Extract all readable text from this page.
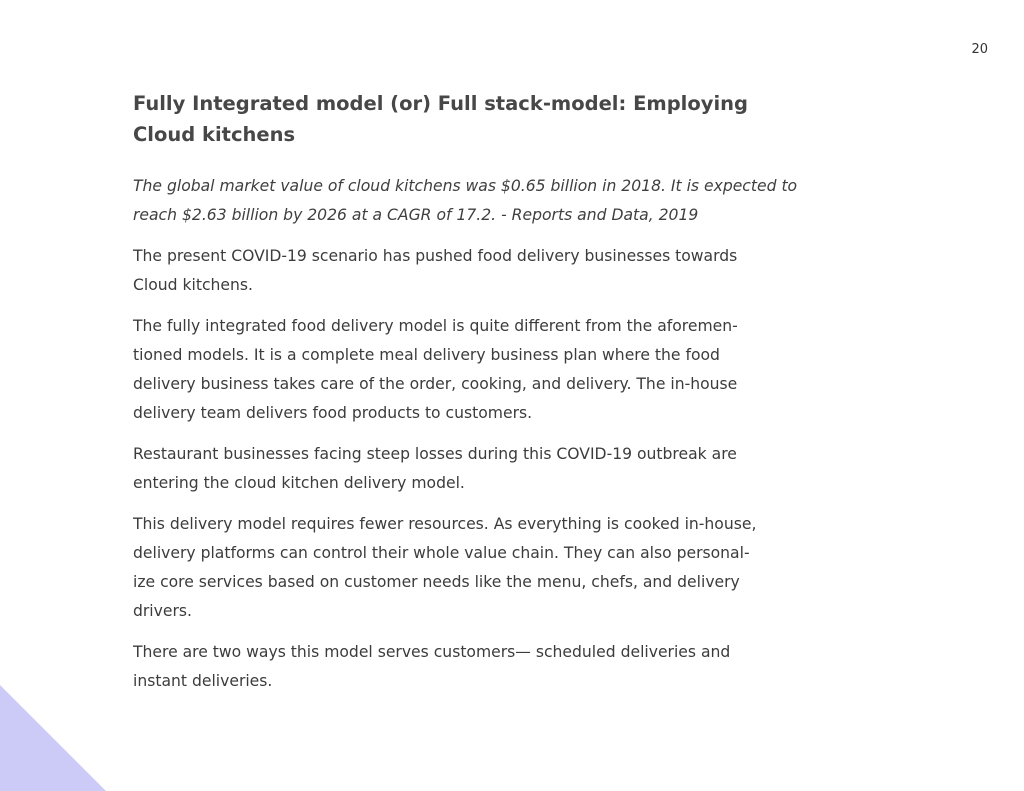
20
Fully Integrated model (or) Full stack-model: Employing
Cloud kitchens

The global market value of cloud kitchens was $0.65 billion in 2018. It is expected to
reach $2.63 billion by 2026 at a CAGR of 17.2. - Reports and Data, 2019

The present COVID-19 scenario has pushed food delivery businesses towards
Cloud kitchens.

The fully integrated food delivery model is quite different from the aforemen-
tioned models. It is a complete meal delivery business plan where the food
delivery business takes care of the order, cooking, and delivery. The in-house
delivery team delivers food products to customers.

Restaurant businesses facing steep losses during this COVID-19 outbreak are
entering the cloud kitchen delivery model.

This delivery model requires fewer resources. As everything is cooked in-house,
delivery platforms can control their whole value chain. They can also personal-
ize core services based on customer needs like the menu, chefs, and delivery
drivers.

There are two ways this model serves customers— scheduled deliveries and
instant deliveries.
